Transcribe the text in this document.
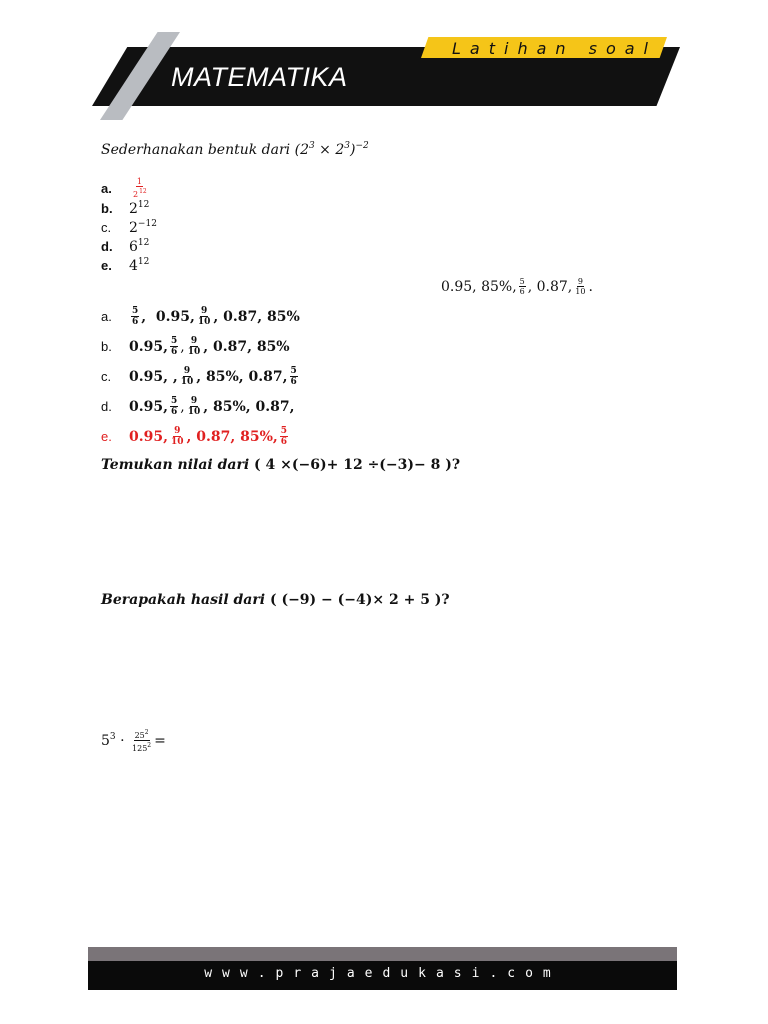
Latihan soal
MATEMATIKA
Sederhanakan bentuk dari $(2^3 \times 2^3)^{-2}$
a.	$\frac{1}{2^{12}}$
b.	$2^{12}$
c.	$2^{-12}$
d.	$6^{12}$
e.	$4^{12}$
0.95, 85%, $\frac{5}{6}$ , 0.87, $\frac{9}{10}$ .
a.	$\frac{5}{6}$ ,  0.95, $\frac{9}{10}$ , 0.87, 85%
b.	0.95, $\frac{5}{6}$ , $\frac{9}{10}$ , 0.87, 85%
c.	0.95, , $\frac{9}{10}$ , 85%, 0.87, $\frac{5}{6}$
d.	0.95, $\frac{5}{6}$ , $\frac{9}{10}$ , 85%, 0.87,
e.	0.95, $\frac{9}{10}$ , 0.87, 85%, $\frac{5}{6}$
Temukan nilai dari ( 4 ×(−6)+ 12 ÷(−3)− 8 )?
Berapakah hasil dari ( (−9) − (−4)× 2 + 5 )?
$5^3 \cdot \frac{25^2}{125^2}$ =
www.prajaedukasi.com
